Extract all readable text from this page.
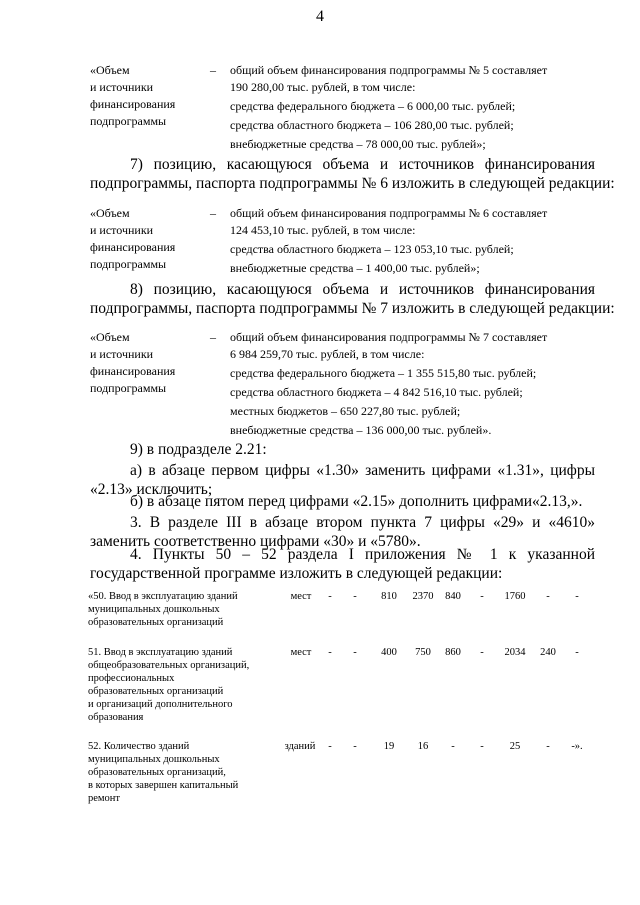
4
«Объем
и источники
финансирования
подпрограммы
– общий объем финансирования подпрограммы № 5 составляет
190 280,00 тыс. рублей, в том числе:
средства федерального бюджета – 6 000,00 тыс. рублей;
средства областного бюджета – 106 280,00 тыс. рублей;
внебюджетные средства – 78 000,00 тыс. рублей»;
7) позицию, касающуюся объема и источников финансирования
подпрограммы, паспорта подпрограммы № 6 изложить в следующей редакции:
«Объем
и источники
финансирования
подпрограммы
– общий объем финансирования подпрограммы № 6 составляет
124 453,10 тыс. рублей, в том числе:
средства областного бюджета – 123 053,10 тыс. рублей;
внебюджетные средства – 1 400,00 тыс. рублей»;
8) позицию, касающуюся объема и источников финансирования
подпрограммы, паспорта подпрограммы № 7 изложить в следующей редакции:
«Объем
и источники
финансирования
подпрограммы
– общий объем финансирования подпрограммы № 7 составляет
6 984 259,70 тыс. рублей, в том числе:
средства федерального бюджета – 1 355 515,80 тыс. рублей;
средства областного бюджета – 4 842 516,10 тыс. рублей;
местных бюджетов – 650 227,80 тыс. рублей;
внебюджетные средства – 136 000,00 тыс. рублей».
9) в подразделе 2.21:
а) в абзаце первом цифры «1.30» заменить цифрами «1.31», цифры
«2.13» исключить;
б) в абзаце пятом перед цифрами «2.15» дополнить цифрами«2.13,».
3. В разделе III в абзаце втором пункта 7 цифры «29» и «4610»
заменить соответственно цифрами «30» и «5780».
4. Пункты 50 – 52 раздела I приложения № 1 к указанной
государственной программе изложить в следующей редакции:
«50. Ввод в эксплуатацию зданий
муниципальных дошкольных
образовательных организаций
мест	-	-	810	2370	840	-	1760	-	-
51. Ввод в эксплуатацию зданий
общеобразовательных организаций,
профессиональных
образовательных организаций
и организаций дополнительного
образования
мест	-	-	400	750	860	-	2034	240	-
52. Количество зданий
муниципальных дошкольных
образовательных организаций,
в которых завершен капитальный
ремонт
зданий	-	-	19	16	-	-	25	-	-».
